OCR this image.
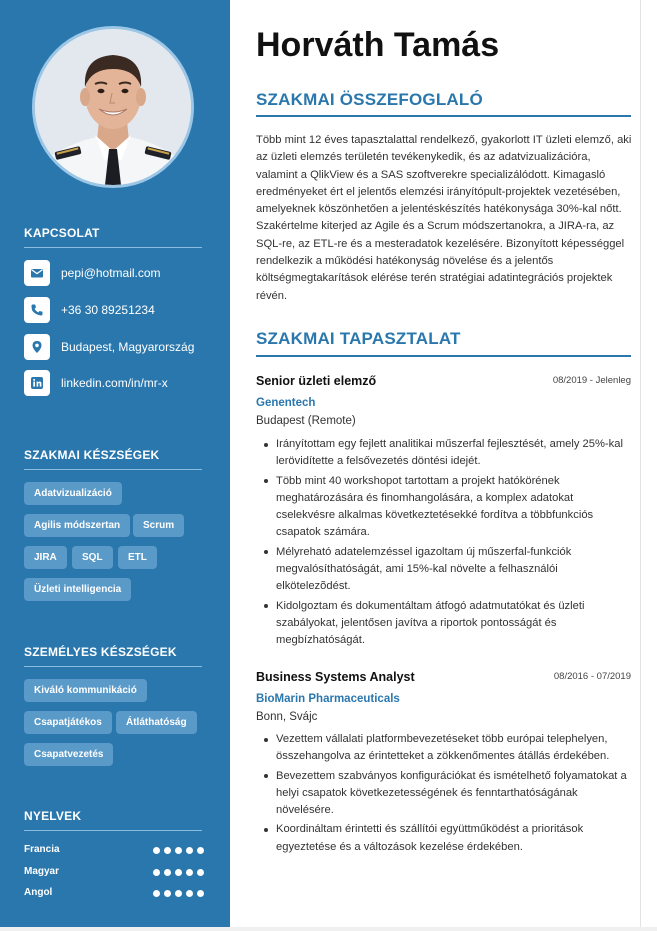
KAPCSOLAT
pepi@hotmail.com
+36 30 89251234
Budapest, Magyarország
linkedin.com/in/mr-x
SZAKMAI KÉSZSÉGEK
Adatvizualizáció
Agilis módszertan	Scrum
JIRA	SQL	ETL
Üzleti intelligencia
SZEMÉLYES KÉSZSÉGEK
Kiváló kommunikáció
Csapatjátékos	Átláthatóság
Csapatvezetés
NYELVEK
Francia
Magyar
Angol
Horváth Tamás
SZAKMAI ÖSSZEFOGLALÓ
Több mint 12 éves tapasztalattal rendelkező, gyakorlott IT üzleti elemző, aki az üzleti elemzés területén tevékenykedik, és az adatvizualizációra, valamint a QlikView és a SAS szoftverekre specializálódott. Kimagasló eredményeket ért el jelentős elemzési irányítópult-projektek vezetésében, amelyeknek köszönhetően a jelentéskészítés hatékonysága 30%-kal nőtt. Szakértelme kiterjed az Agile és a Scrum módszertanokra, a JIRA-ra, az SQL-re, az ETL-re és a mesteradatok kezelésére. Bizonyított képességgel rendelkezik a működési hatékonyság növelése és a jelentős költségmegtakarítások elérése terén stratégiai adatintegrációs projektek révén.
SZAKMAI TAPASZTALAT
Senior üzleti elemző	08/2019 - Jelenleg
Genentech
Budapest (Remote)
Irányítottam egy fejlett analitikai műszerfal fejlesztését, amely 25%-kal lerövidítette a felsővezetés döntési idejét.
Több mint 40 workshopot tartottam a projekt hatókörének meghatározására és finomhangolására, a komplex adatokat cselekvésre alkalmas következtetésekké fordítva a többfunkciós csapatok számára.
Mélyreható adatelemzéssel igazoltam új műszerfal-funkciók megvalósíthatóságát, ami 15%-kal növelte a felhasználói elkötelezõdést.
Kidolgoztam és dokumentáltam átfogó adatmutatókat és üzleti szabályokat, jelentősen javítva a riportok pontosságát és megbízhatóságát.
Business Systems Analyst	08/2016 - 07/2019
BioMarin Pharmaceuticals
Bonn, Svájc
Vezettem vállalati platformbevezetéseket több európai telephelyen, összehangolva az érintetteket a zökkenőmentes átállás érdekében.
Bevezettem szabványos konfigurációkat és ismételhető folyamatokat a helyi csapatok következetességének és fenntarthatóságának növelésére.
Koordináltam érintetti és szállítói együttműködést a prioritások egyeztetése és a változások kezelése érdekében.
